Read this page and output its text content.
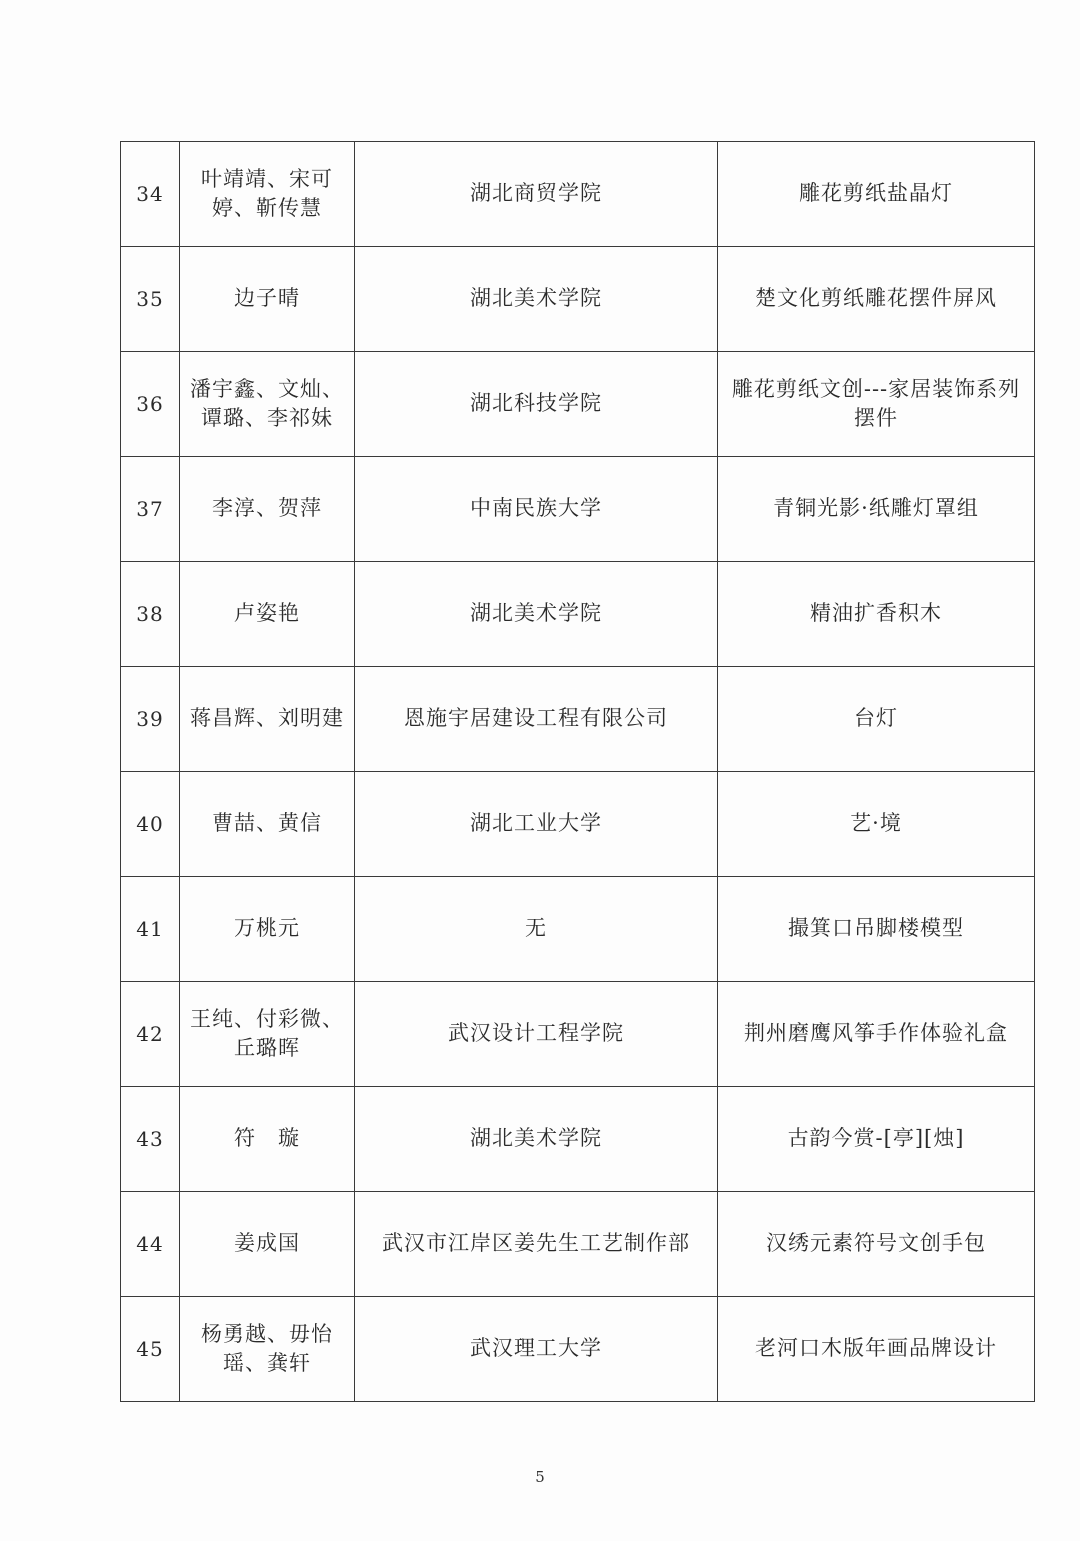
34	叶靖靖、宋可婷、靳传慧	湖北商贸学院	雕花剪纸盐晶灯
35	边子晴	湖北美术学院	楚文化剪纸雕花摆件屏风
36	潘宇鑫、文灿、谭璐、李祁妹	湖北科技学院	雕花剪纸文创---家居装饰系列摆件
37	李淳、贺萍	中南民族大学	青铜光影·纸雕灯罩组
38	卢姿艳	湖北美术学院	精油扩香积木
39	蒋昌辉、刘明建	恩施宇居建设工程有限公司	台灯
40	曹喆、黄信	湖北工业大学	艺·境
41	万桃元	无	撮箕口吊脚楼模型
42	王纯、付彩微、丘璐晖	武汉设计工程学院	荆州磨鹰风筝手作体验礼盒
43	符　璇	湖北美术学院	古韵今赏-[亭][烛]
44	姜成国	武汉市江岸区姜先生工艺制作部	汉绣元素符号文创手包
45	杨勇越、毋怡瑶、龚轩	武汉理工大学	老河口木版年画品牌设计
5
